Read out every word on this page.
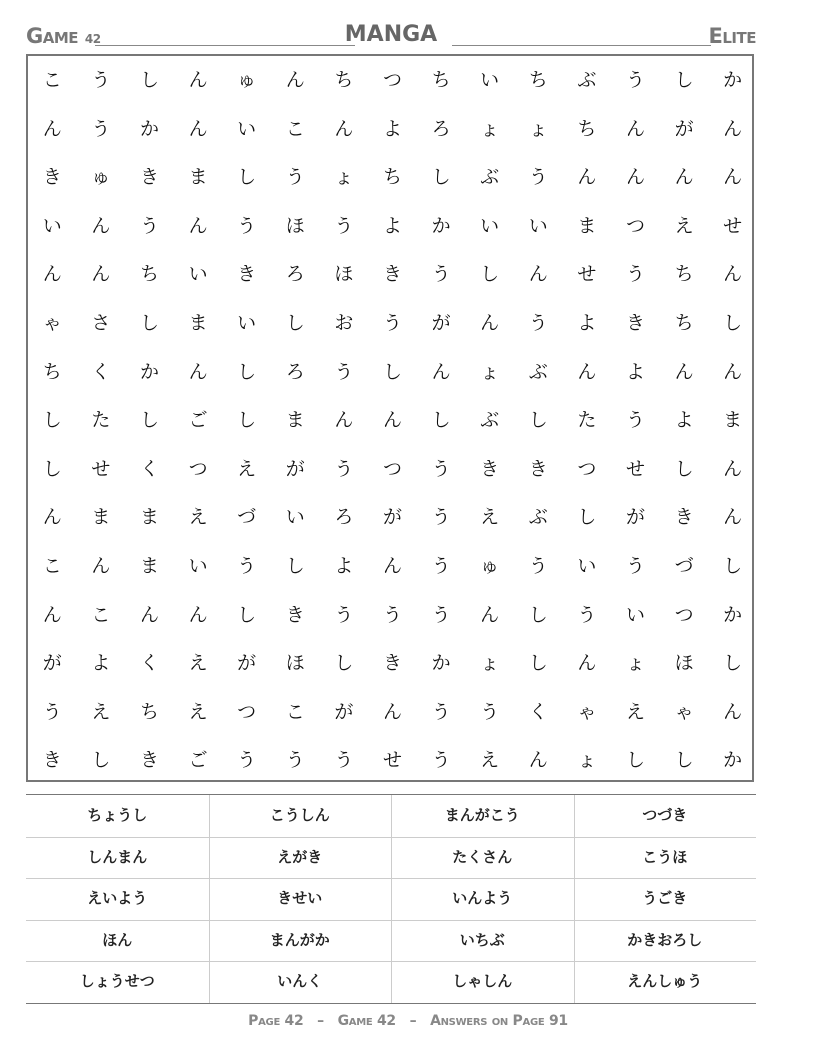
Game 42	MANGA	Elite
こ	う	し	ん	ゅ	ん	ち	つ	ち	い	ち	ぶ	う	し	か
ん	う	か	ん	い	こ	ん	よ	ろ	ょ	ょ	ち	ん	が	ん
き	ゅ	き	ま	し	う	ょ	ち	し	ぶ	う	ん	ん	ん	ん
い	ん	う	ん	う	ほ	う	よ	か	い	い	ま	つ	え	せ
ん	ん	ち	い	き	ろ	ほ	き	う	し	ん	せ	う	ち	ん
ゃ	さ	し	ま	い	し	お	う	が	ん	う	よ	き	ち	し
ち	く	か	ん	し	ろ	う	し	ん	ょ	ぶ	ん	よ	ん	ん
し	た	し	ご	し	ま	ん	ん	し	ぶ	し	た	う	よ	ま
し	せ	く	つ	え	が	う	つ	う	き	き	つ	せ	し	ん
ん	ま	ま	え	づ	い	ろ	が	う	え	ぶ	し	が	き	ん
こ	ん	ま	い	う	し	よ	ん	う	ゅ	う	い	う	づ	し
ん	こ	ん	ん	し	き	う	う	う	ん	し	う	い	つ	か
が	よ	く	え	が	ほ	し	き	か	ょ	し	ん	ょ	ほ	し
う	え	ち	え	つ	こ	が	ん	う	う	く	ゃ	え	ゃ	ん
き	し	き	ご	う	う	う	せ	う	え	ん	ょ	し	し	か
ちょうし	こうしん	まんがこう	つづき
しんまん	えがき	たくさん	こうほ
えいよう	きせい	いんよう	うごき
ほん	まんがか	いちぶ	かきおろし
しょうせつ	いんく	しゃしん	えんしゅう
Page 42 – Game 42 – Answers on Page 91
